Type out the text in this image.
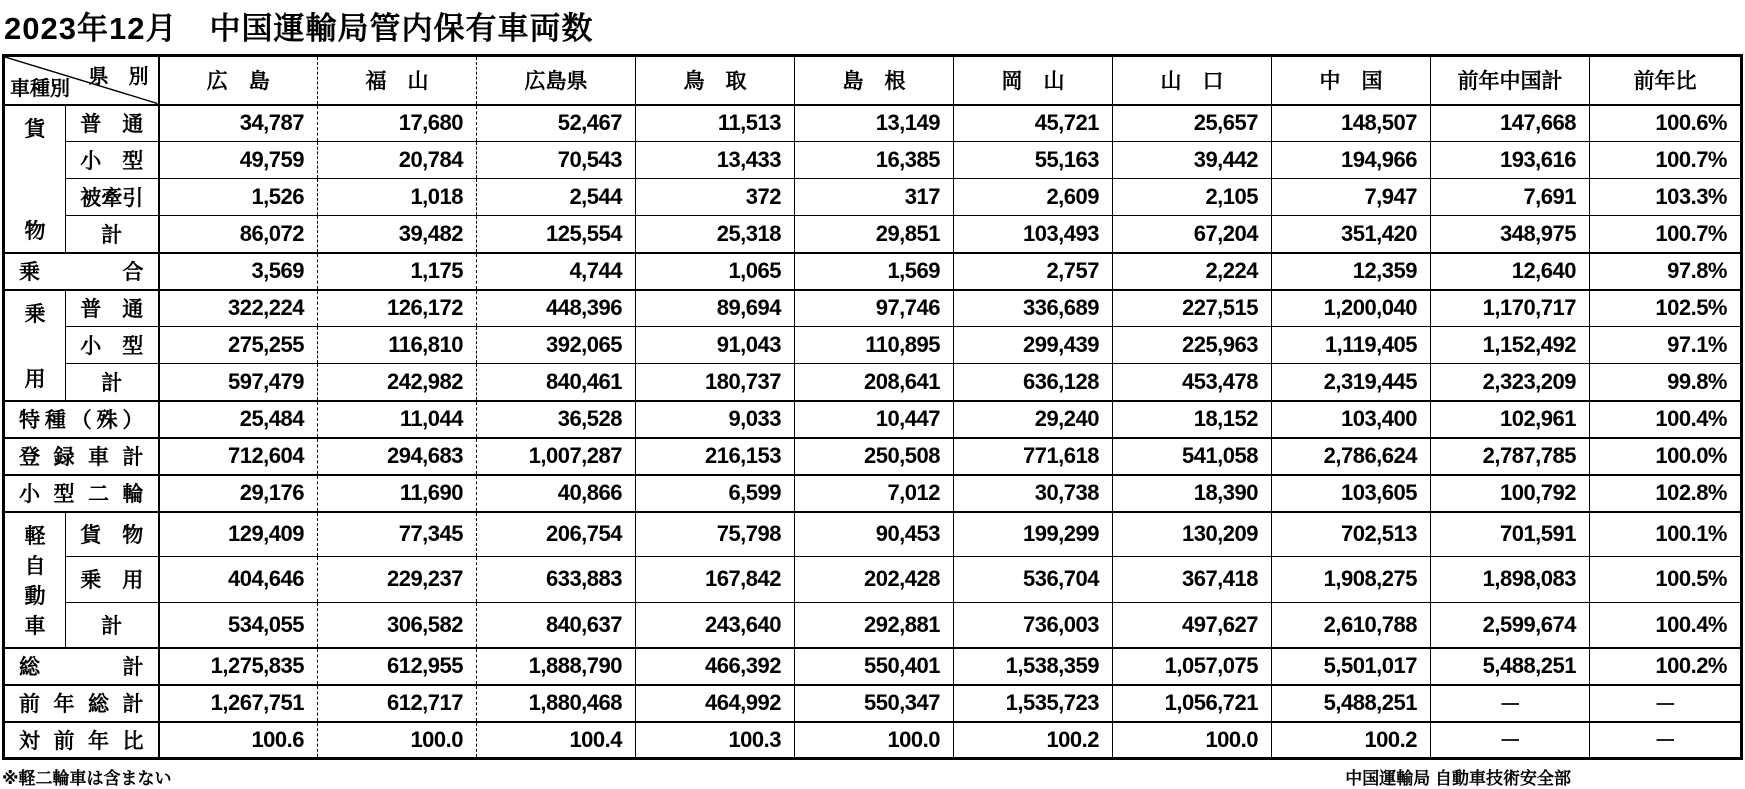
2023年12月　中国運輸局管内保有車両数
県　別
車種別		広　島	福　山	広島県	鳥　取	島　根	岡　山	山　口	中　国	前年中国計	前年比

貨
物	普　通	34,787	17,680	52,467	11,513	13,149	45,721	25,657	148,507	147,668	100.6%
	小　型	49,759	20,784	70,543	13,433	16,385	55,163	39,442	194,966	193,616	100.7%
	被牽引	1,526	1,018	2,544	372	317	2,609	2,105	7,947	7,691	103.3%
	計	86,072	39,482	125,554	25,318	29,851	103,493	67,204	351,420	348,975	100.7%
乗合		3,569	1,175	4,744	1,065	1,569	2,757	2,224	12,359	12,640	97.8%

乗
用	普　通	322,224	126,172	448,396	89,694	97,746	336,689	227,515	1,200,040	1,170,717	102.5%
	小　型	275,255	116,810	392,065	91,043	110,895	299,439	225,963	1,119,405	1,152,492	97.1%
	計	597,479	242,982	840,461	180,737	208,641	636,128	453,478	2,319,445	2,323,209	99.8%
特種（殊）		25,484	11,044	36,528	9,033	10,447	29,240	18,152	103,400	102,961	100.4%
登録車計		712,604	294,683	1,007,287	216,153	250,508	771,618	541,058	2,786,624	2,787,785	100.0%
小型二輪		29,176	11,690	40,866	6,599	7,012	30,738	18,390	103,605	100,792	102.8%

軽
自
動
車	貨　物	129,409	77,345	206,754	75,798	90,453	199,299	130,209	702,513	701,591	100.1%
	乗　用	404,646	229,237	633,883	167,842	202,428	536,704	367,418	1,908,275	1,898,083	100.5%
	計	534,055	306,582	840,637	243,640	292,881	736,003	497,627	2,610,788	2,599,674	100.4%
総計		1,275,835	612,955	1,888,790	466,392	550,401	1,538,359	1,057,075	5,501,017	5,488,251	100.2%
前年総計		1,267,751	612,717	1,880,468	464,992	550,347	1,535,723	1,056,721	5,488,251	－	－
対前年比		100.6	100.0	100.4	100.3	100.0	100.2	100.0	100.2	－	－
※軽二輪車は含まない	中国運輸局 自動車技術安全部
